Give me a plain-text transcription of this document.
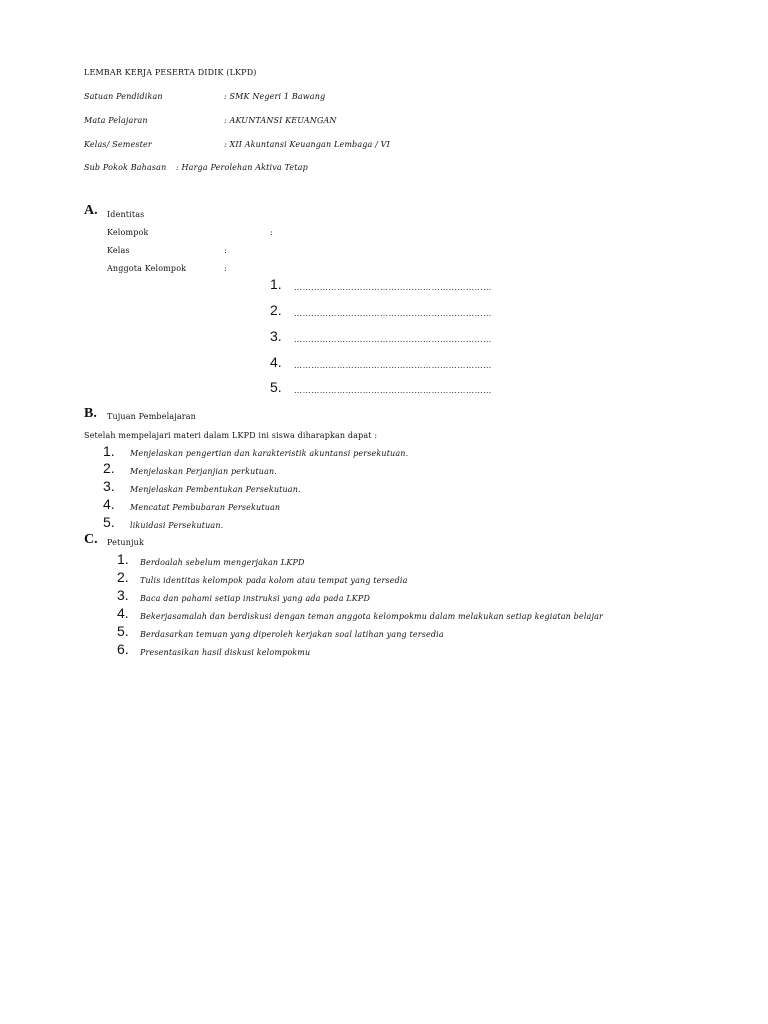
LEMBAR KERJA PESERTA DIDIK (LKPD)
Satuan Pendidikan	: SMK Negeri 1 Bawang
Mata Pelajaran	: AKUNTANSI KEUANGAN
Kelas/ Semester	: XII Akuntansi Keuangan Lembaga / VI
Sub Pokok Bahasan : Harga Perolehan Aktiva Tetap
A. Identitas
Kelompok	:
Kelas	:
Anggota Kelompok	:
1. ……………………………………………………………
2. ……………………………………………………………
3. ……………………………………………………………
4. ……………………………………………………………
5. ……………………………………………………………
B. Tujuan Pembelajaran
Setelah mempelajari materi dalam LKPD ini siswa diharapkan dapat :
1. Menjelaskan pengertian dan karakteristik akuntansi persekutuan.
2. Menjelaskan Perjanjian perkutuan.
3. Menjelaskan Pembentukan Persekutuan.
4. Mencatat Pembubaran Persekutuan
5. likuidasi Persekutuan.
C. Petunjuk
1. Berdoalah sebelum mengerjakan LKPD
2. Tulis identitas kelompok pada kolom atau tempat yang tersedia
3. Baca dan pahami setiap instruksi yang ada pada LKPD
4. Bekerjasamalah dan berdiskusi dengan teman anggota kelompokmu dalam melakukan setiap kegiatan belajar
5. Berdasarkan temuan yang diperoleh kerjakan soal latihan yang tersedia
6. Presentasikan hasil diskusi kelompokmu
